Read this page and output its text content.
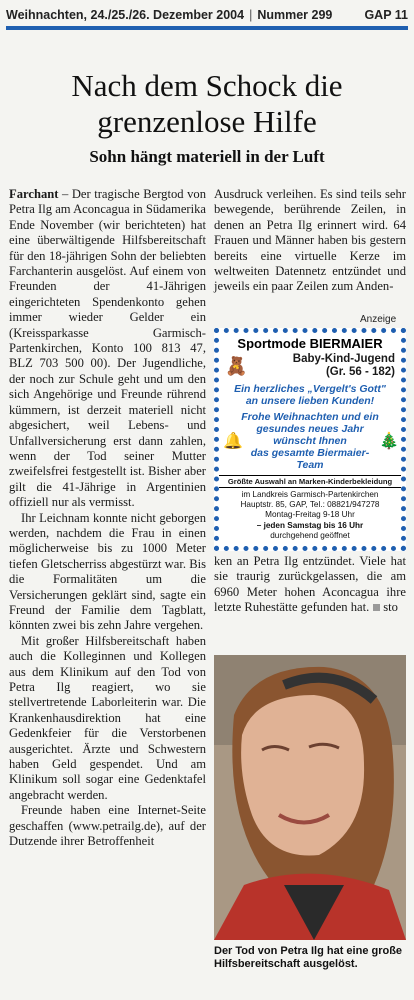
Weihnachten, 24./25./26. Dezember 2004 | Nummer 299	GAP 11
Nach dem Schock die
grenzenlose Hilfe
Sohn hängt materiell in der Luft

Farchant – Der tragische Bergtod von Petra Ilg am Aconcagua in Südamerika Ende November (wir berichteten) hat eine überwältigende Hilfsbereitschaft für den 18-jährigen Sohn der beliebten Farchanterin ausgelöst. Auf einem von Freunden der 41-Jährigen eingerichteten Spendenkonto gehen immer wieder Gelder ein (Kreissparkasse Garmisch-Partenkirchen, Konto 100 813 47, BLZ 703 500 00). Der Jugendliche, der noch zur Schule geht und um den sich Angehörige und Freunde rührend kümmern, ist derzeit materiell nicht abgesichert, weil Lebens- und Unfallversicherung erst dann zahlen, wenn der Tod seiner Mutter zweifelsfrei festgestellt ist. Bisher aber gilt die 41-Jährige in Argentinien offiziell nur als vermisst.

Ihr Leichnam konnte nicht geborgen werden, nachdem die Frau in einen möglicherweise bis zu 1000 Meter tiefen Gletscherriss abgestürzt war. Bis die Formalitäten um die Versicherungen geklärt sind, sagte ein Freund der Familie dem Tagblatt, könnten zwei bis zehn Jahre vergehen.

Mit großer Hilfsbereitschaft haben auch die Kolleginnen und Kollegen aus dem Klinikum auf den Tod von Petra Ilg reagiert, wo sie stellvertretende Laborleiterin war. Die Krankenhausdirektion hat eine Gedenkfeier für die Verstorbenen ausgerichtet. Ärzte und Schwestern haben Geld gespendet. Und am Klinikum soll sogar eine Gedenktafel angebracht werden.

Freunde haben eine Internet-Seite geschaffen (www.petrailg.de), auf der Dutzende ihrer Betroffenheit

Ausdruck verleihen. Es sind teils sehr bewegende, berührende Zeilen, in denen an Petra Ilg erinnert wird. 64 Frauen und Männer haben bis gestern bereits eine virtuelle Kerze im weltweiten Datennetz entzündet und jeweils ein paar Zeilen zum Anden-

Anzeige
Sportmode BIERMAIER
🧸	Baby-Kind-Jugend
(Gr. 56 - 182)
Ein herzliches „Vergelt's Gott"
an unsere lieben Kunden!
🔔
Frohe Weihnachten und ein
gesundes neues Jahr wünscht Ihnen
das gesamte Biermaier-Team
🎄
Größte Auswahl an Marken-Kinderbekleidung
im Landkreis Garmisch-Partenkirchen
Hauptstr. 85, GAP, Tel.: 08821/947278
Montag-Freitag 9-18 Uhr
– jeden Samstag bis 16 Uhr
durchgehend geöffnet

ken an Petra Ilg entzündet. Viele hat sie traurig zurückgelassen, die am 6960 Meter hohen Aconcagua ihre letzte Ruhestätte gefunden hat. sto

Der Tod von Petra Ilg hat eine große Hilfsbereitschaft ausgelöst.
